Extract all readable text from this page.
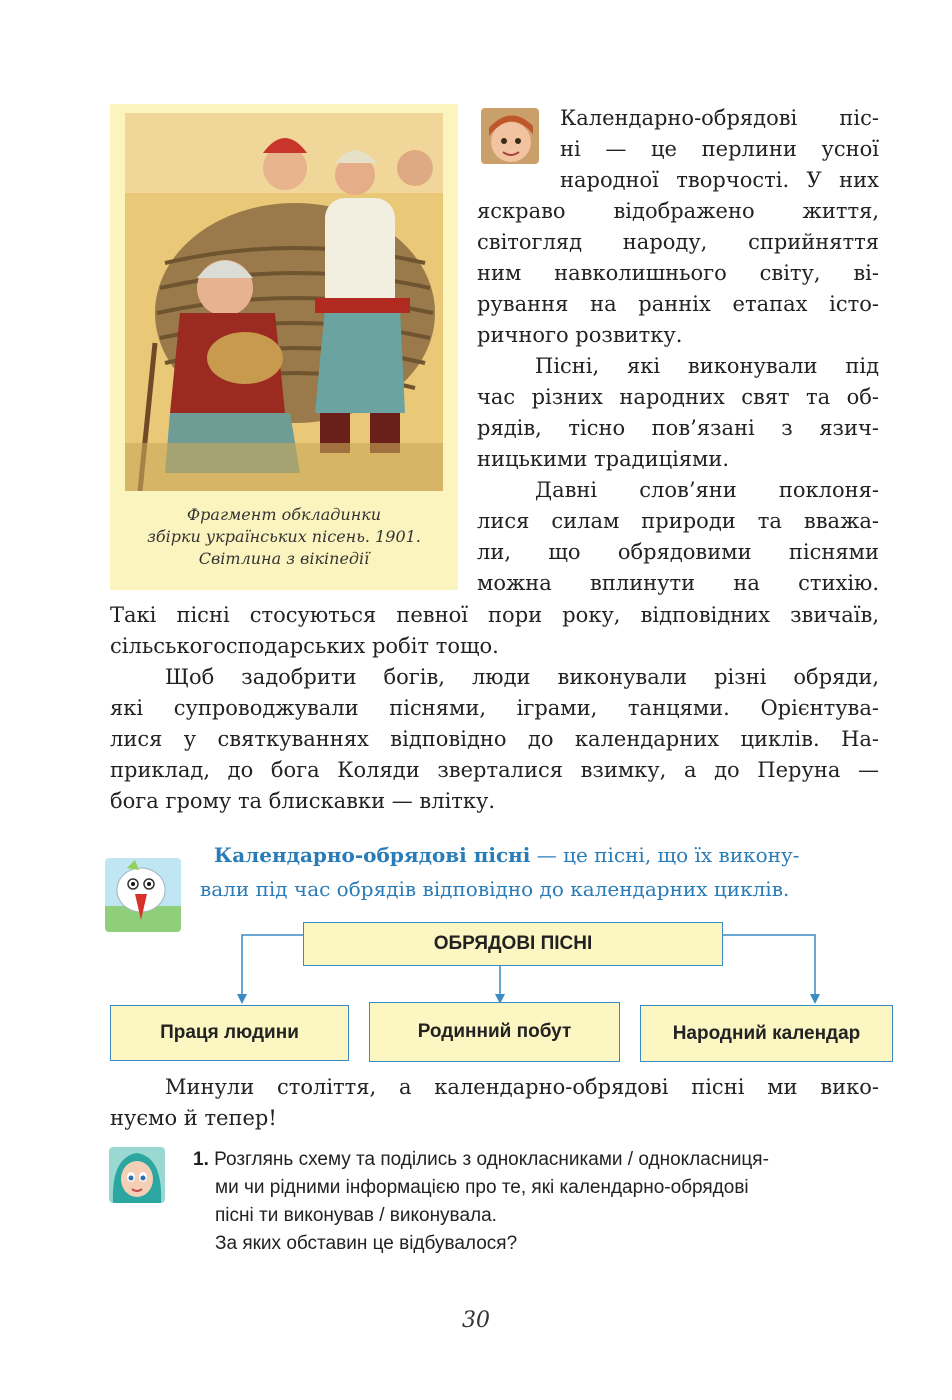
Фрагмент обкладинки
збірки українських пісень. 1901.
Світлина з вікіпедії
Календарно-обрядові піс-
ні — це перлини усної
народної творчості. У них
яскраво відображено життя,
світогляд народу, сприйняття
ним навколишнього світу, ві-
рування на ранніх етапах істо-
ричного розвитку.
Пісні, які виконували під
час різних народних свят та об-
рядів, тісно пов’язані з язич-
ницькими традиціями.
Давні слов’яни поклоня-
лися силам природи та вважа-
ли, що обрядовими піснями
можна вплинути на стихію.
Такі пісні стосуються певної пори року, відповідних звичаїв,
сільськогосподарських робіт тощо.
Щоб задобрити богів, люди виконували різні обряди,
які супроводжували піснями, іграми, танцями. Орієнтува-
лися у святкуваннях відповідно до календарних циклів. На-
приклад, до бога Коляди зверталися взимку, а до Перуна —
бога грому та блискавки — влітку.
Календарно-обрядові пісні — це пісні, що їх викону-
вали під час обрядів відповідно до календарних циклів.
ОБРЯДОВІ ПІСНІ
Праця людини	Родинний побут	Народний календар
Минули століття, а календарно-обрядові пісні ми вико-
нуємо й тепер!
1. Розглянь схему та поділись з однокласниками / однокласниця-
ми чи рідними інформацією про те, які календарно-обрядові
пісні ти виконував / виконувала.
За яких обставин це відбувалося?
30
